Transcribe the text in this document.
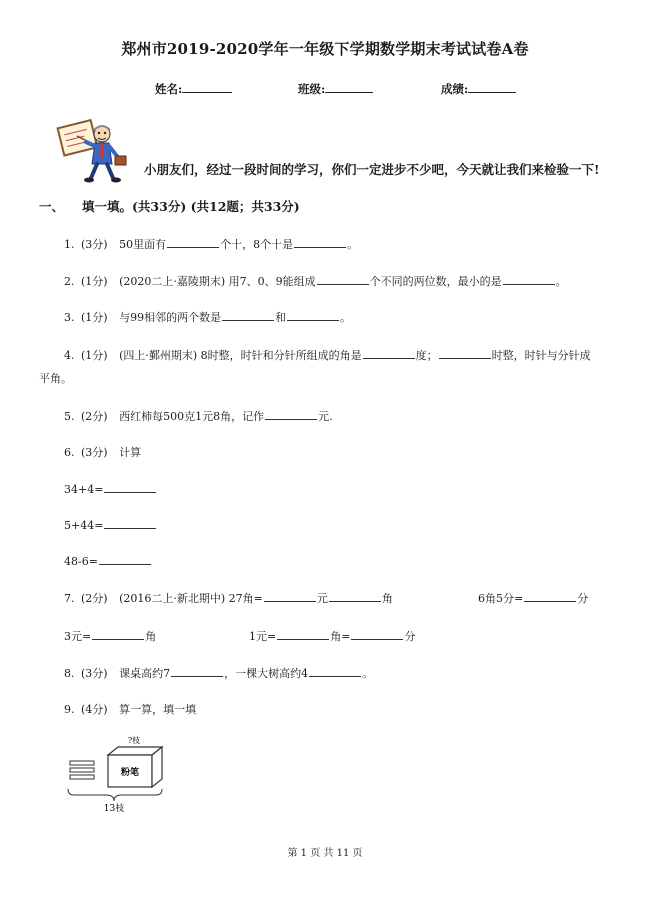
郑州市2019-2020学年一年级下学期数学期末考试试卷A卷
姓名:	班级:	成绩:
小朋友们，经过一段时间的学习，你们一定进步不少吧，今天就让我们来检验一下!
一、 填一填。(共33分) (共12题；共33分)
1. (3分) 50里面有	个十，8个十是	。
2. (1分) (2020二上·嘉陵期末) 用7、0、9能组成	个不同的两位数，最小的是	。
3. (1分) 与99相邻的两个数是	和	。
4. (1分) (四上·鄞州期末) 8时整，时针和分针所组成的角是	度；	时整，时针与分针成
平角。
5. (2分) 西红柿每500克1元8角，记作	元.
6. (3分) 计算
34+4=
5+44=
48-6=
7. (2分) (2016二上·新北期中) 27角=	元	角	6角5分=	分
3元=	角	1元=	角=	分
8. (3分) 课桌高约7	，一棵大树高约4	。
9. (4分) 算一算，填一填
?枝
粉笔
13枝
第 1 页 共 11 页
